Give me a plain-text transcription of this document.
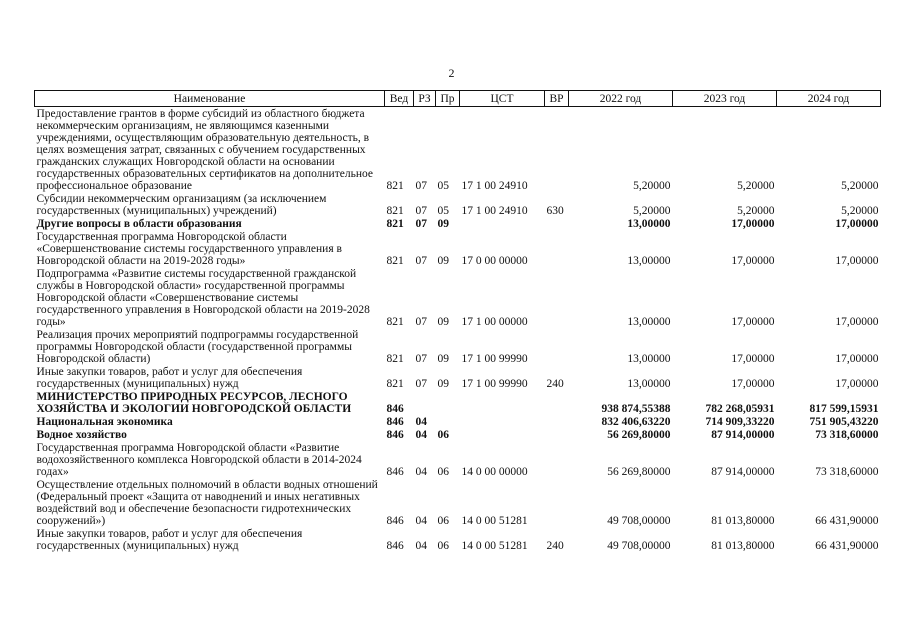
2
Наименование	Вед	РЗ	Пр	ЦСТ	ВР	2022 год	2023 год	2024 год
Предоставление грантов в форме субсидий из областного бюджета некоммерческим организациям, не являющимся казенными учреждениями, осуществляющим образовательную деятельность, в целях возмещения затрат, связанных с обучением государственных гражданских служащих Новгородской области на основании государственных образовательных сертификатов на дополнительное профессиональное образование	821	07	05	17 1 00 24910		5,20000	5,20000	5,20000
Субсидии некоммерческим организациям (за исключением государственных (муниципальных) учреждений)	821	07	05	17 1 00 24910	630	5,20000	5,20000	5,20000
Другие вопросы в области образования	821	07	09			13,00000	17,00000	17,00000
Государственная программа Новгородской области «Совершенствование системы государственного управления в Новгородской области на 2019-2028 годы»	821	07	09	17 0 00 00000		13,00000	17,00000	17,00000
Подпрограмма «Развитие системы государственной гражданской службы в Новгородской области» государственной программы Новгородской области «Совершенствование системы государственного управления в Новгородской области на 2019-2028 годы»	821	07	09	17 1 00 00000		13,00000	17,00000	17,00000
Реализация прочих мероприятий подпрограммы государственной программы Новгородской области (государственной программы Новгородской области)	821	07	09	17 1 00 99990		13,00000	17,00000	17,00000
Иные закупки товаров, работ и услуг для обеспечения государственных (муниципальных) нужд	821	07	09	17 1 00 99990	240	13,00000	17,00000	17,00000
МИНИСТЕРСТВО ПРИРОДНЫХ РЕСУРСОВ, ЛЕСНОГО ХОЗЯЙСТВА И ЭКОЛОГИИ НОВГОРОДСКОЙ ОБЛАСТИ	846					938 874,55388	782 268,05931	817 599,15931
Национальная экономика	846	04				832 406,63220	714 909,33220	751 905,43220
Водное хозяйство	846	04	06			56 269,80000	87 914,00000	73 318,60000
Государственная программа Новгородской области «Развитие водохозяйственного комплекса Новгородской области в 2014-2024 годах»	846	04	06	14 0 00 00000		56 269,80000	87 914,00000	73 318,60000
Осуществление отдельных полномочий в области водных отношений (Федеральный проект «Защита от наводнений и иных негативных воздействий вод и обеспечение безопасности гидротехнических сооружений»)	846	04	06	14 0 00 51281		49 708,00000	81 013,80000	66 431,90000
Иные закупки товаров, работ и услуг для обеспечения государственных (муниципальных) нужд	846	04	06	14 0 00 51281	240	49 708,00000	81 013,80000	66 431,90000
